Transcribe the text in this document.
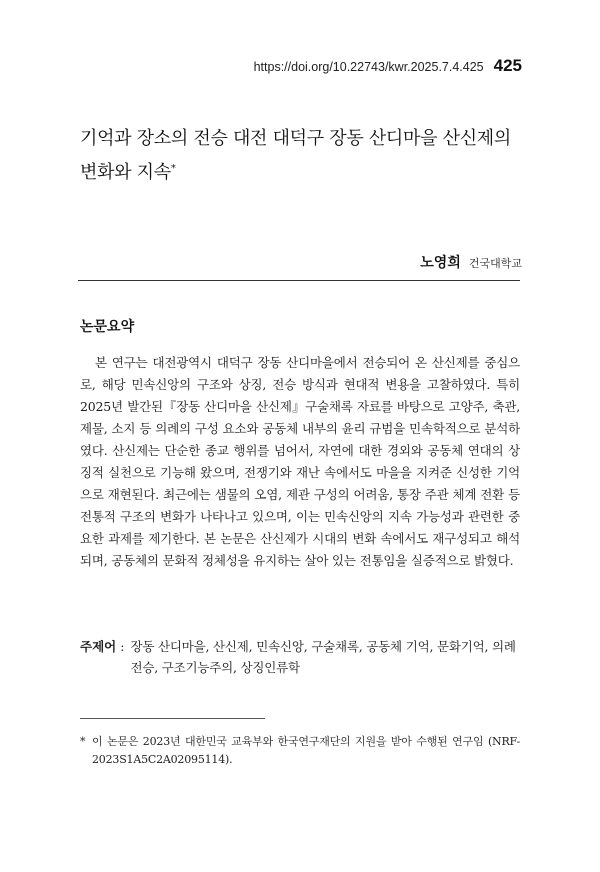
https://doi.org/10.22743/kwr.2025.7.4.425 425
기억과 장소의 전승 대전 대덕구 장동 산디마을 산신제의 변화와 지속*
노영희 건국대학교
논문요약

본 연구는 대전광역시 대덕구 장동 산디마을에서 전승되어 온 산신제를 중심으로, 해당 민속신앙의 구조와 상징, 전승 방식과 현대적 변용을 고찰하였다. 특히 2025년 발간된『장동 산디마을 산신제』구술채록 자료를 바탕으로 고양주, 축관, 제물, 소지 등 의례의 구성 요소와 공동체 내부의 윤리 규범을 민속학적으로 분석하였다. 산신제는 단순한 종교 행위를 넘어서, 자연에 대한 경외와 공동체 연대의 상징적 실천으로 기능해 왔으며, 전쟁기와 재난 속에서도 마을을 지켜준 신성한 기억으로 재현된다. 최근에는 샘물의 오염, 제관 구성의 어려움, 통장 주관 체계 전환 등 전통적 구조의 변화가 나타나고 있으며, 이는 민속신앙의 지속 가능성과 관련한 중요한 과제를 제기한다. 본 논문은 산신제가 시대의 변화 속에서도 재구성되고 해석되며, 공동체의 문화적 정체성을 유지하는 살아 있는 전통임을 실증적으로 밝혔다.

주제어 : 장동 산디마을, 산신제, 민속신앙, 구술채록, 공동체 기억, 문화기억, 의례 전승, 구조기능주의, 상징인류학
* 이 논문은 2023년 대한민국 교육부와 한국연구재단의 지원을 받아 수행된 연구임 (NRF-2023S1A5C2A02095114).
